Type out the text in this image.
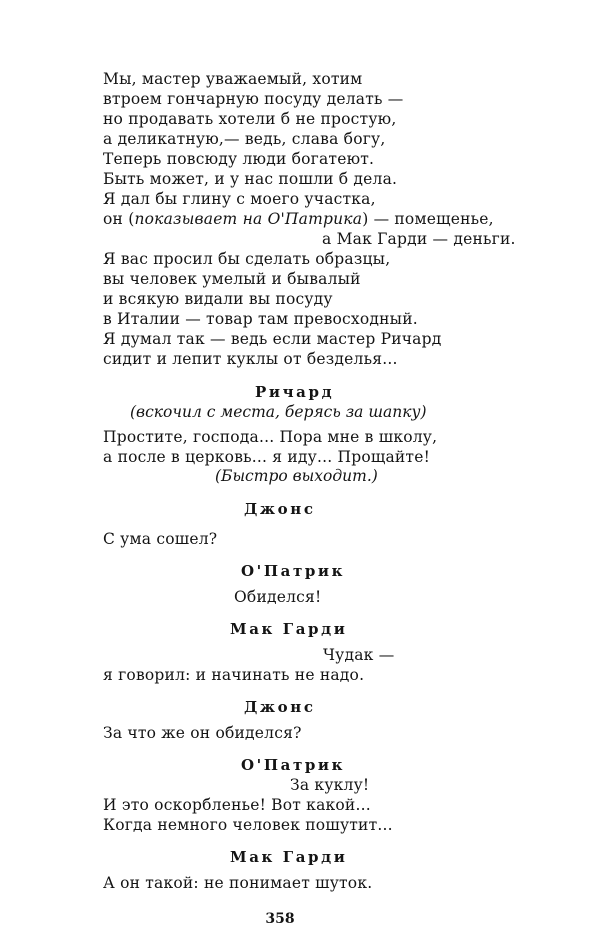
Мы, мастер уважаемый, хотим
втроем гончарную посуду делать —
но продавать хотели б не простую,
а деликатную,— ведь, слава богу,
Теперь повсюду люди богатеют.
Быть может, и у нас пошли б дела.
Я дал бы глину с моего участка,
он (показывает на О'Патрика) — помещенье,
а Мак Гарди — деньги.
Я вас просил бы сделать образцы,
вы человек умелый и бывалый
и всякую видали вы посуду
в Италии — товар там превосходный.
Я думал так — ведь если мастер Ричард
сидит и лепит куклы от безделья...
Ричард
(вскочил с места, берясь за шапку)
Простите, господа... Пора мне в школу,
а после в церковь... я иду... Прощайте!
(Быстро выходит.)
Джонс
С ума сошел?
О'Патрик
Обиделся!
Мак Гарди
Чудак —
я говорил: и начинать не надо.
Джонс
За что же он обиделся?
О'Патрик
За куклу!
И это оскорбленье! Вот какой...
Когда немного человек пошутит...
Мак Гарди
А он такой: не понимает шуток.
358
